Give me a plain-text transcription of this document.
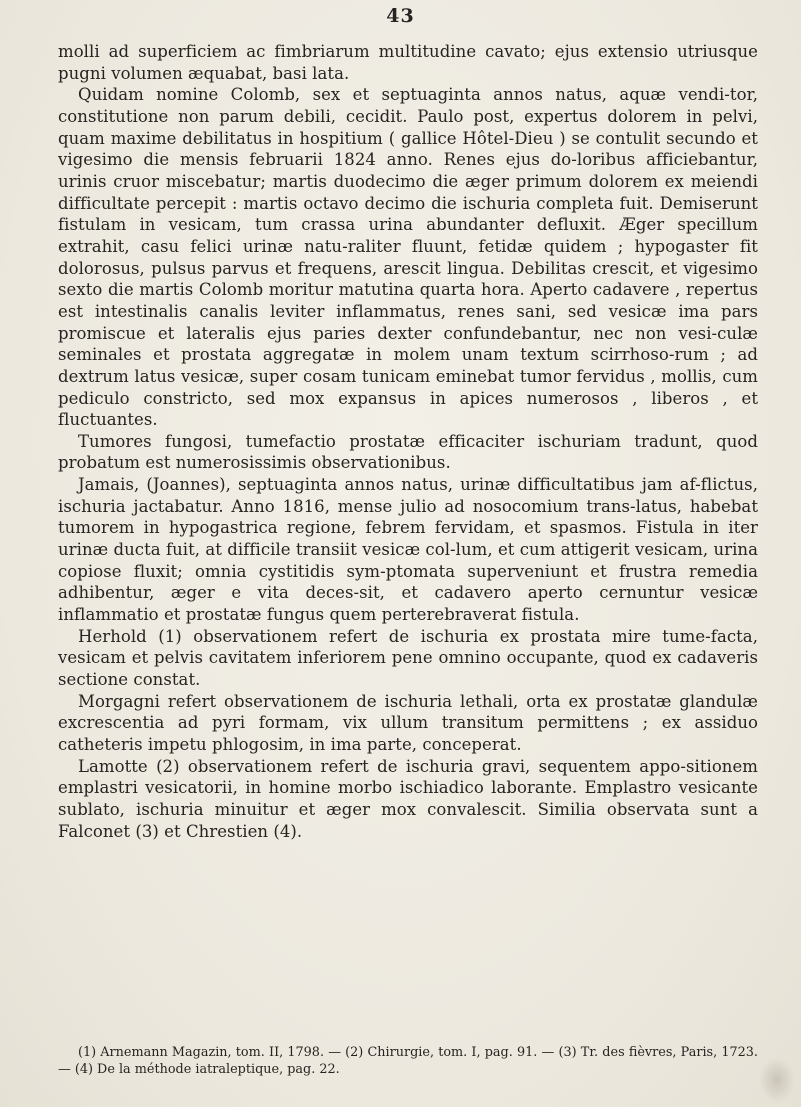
43

molli ad superficiem ac fimbriarum multitudine cavato; ejus extensio utriusque pugni volumen æquabat, basi lata.

Quidam nomine Colomb, sex et septuaginta annos natus, aquæ vendi-tor, constitutione non parum debili, cecidit. Paulo post, expertus dolorem in pelvi, quam maxime debilitatus in hospitium ( gallice Hôtel-Dieu ) se contulit secundo et vigesimo die mensis februarii 1824 anno. Renes ejus do-loribus afficiebantur, urinis cruor miscebatur; martis duodecimo die æger primum dolorem ex meiendi difficultate percepit : martis octavo decimo die ischuria completa fuit. Demiserunt fistulam in vesicam, tum crassa urina abundanter defluxit. Æger specillum extrahit, casu felici urinæ natu-raliter fluunt, fetidæ quidem ; hypogaster fit dolorosus, pulsus parvus et frequens, arescit lingua. Debilitas crescit, et vigesimo sexto die martis Colomb moritur matutina quarta hora. Aperto cadavere , repertus est intestinalis canalis leviter inflammatus, renes sani, sed vesicæ ima pars promiscue et lateralis ejus paries dexter confundebantur, nec non vesi-culæ seminales et prostata aggregatæ in molem unam textum scirrhoso-rum ; ad dextrum latus vesicæ, super cosam tunicam eminebat tumor fervidus , mollis, cum pediculo constricto, sed mox expansus in apices numerosos , liberos , et fluctuantes.

Tumores fungosi, tumefactio prostatæ efficaciter ischuriam tradunt, quod probatum est numerosissimis observationibus.

Jamais, (Joannes), septuaginta annos natus, urinæ difficultatibus jam af-flictus, ischuria jactabatur. Anno 1816, mense julio ad nosocomium trans-latus, habebat tumorem in hypogastrica regione, febrem fervidam, et spasmos. Fistula in iter urinæ ducta fuit, at difficile transiit vesicæ col-lum, et cum attigerit vesicam, urina copiose fluxit; omnia cystitidis sym-ptomata superveniunt et frustra remedia adhibentur, æger e vita deces-sit, et cadavero aperto cernuntur vesicæ inflammatio et prostatæ fungus quem perterebraverat fistula.

Herhold (1) observationem refert de ischuria ex prostata mire tume-facta, vesicam et pelvis cavitatem inferiorem pene omnino occupante, quod ex cadaveris sectione constat.

Morgagni refert observationem de ischuria lethali, orta ex prostatæ glandulæ excrescentia ad pyri formam, vix ullum transitum permittens ; ex assiduo catheteris impetu phlogosim, in ima parte, conceperat.

Lamotte (2) observationem refert de ischuria gravi, sequentem appo-sitionem emplastri vesicatorii, in homine morbo ischiadico laborante. Emplastro vesicante sublato, ischuria minuitur et æger mox convalescit. Similia observata sunt a Falconet (3) et Chrestien (4).

(1) Arnemann Magazin, tom. II, 1798. — (2) Chirurgie, tom. I, pag. 91. — (3) Tr. des fièvres, Paris, 1723. — (4) De la méthode iatraleptique, pag. 22.
